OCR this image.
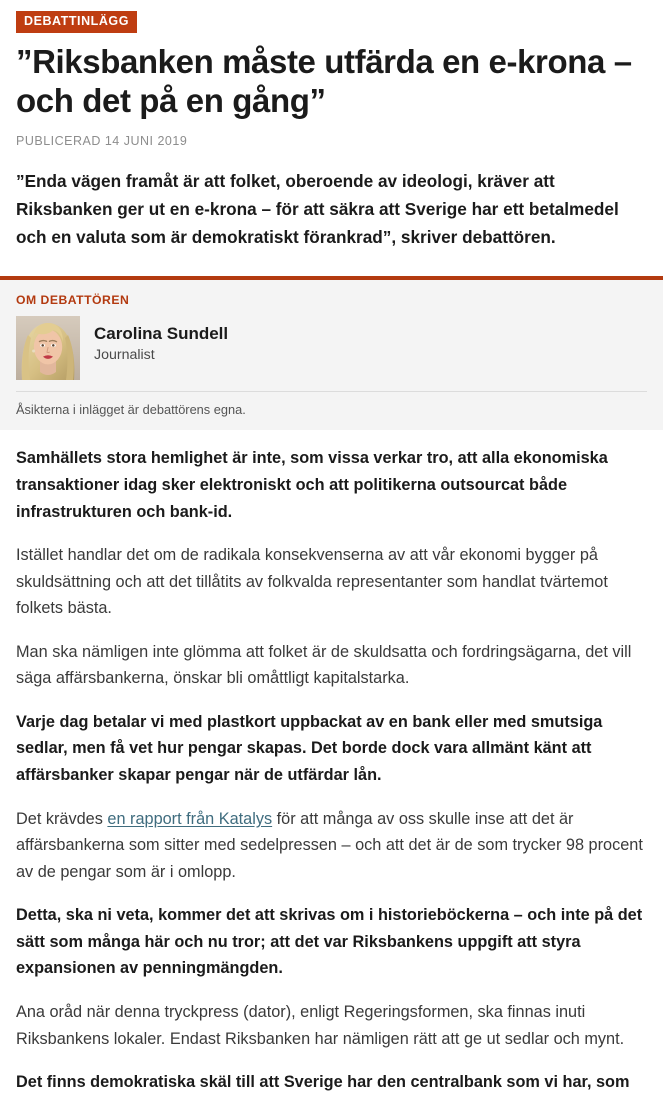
DEBATTINLÄGG
”Riksbanken måste utfärda en e-krona – och det på en gång”
PUBLICERAD 14 JUNI 2019

”Enda vägen framåt är att folket, oberoende av ideologi, kräver att Riksbanken ger ut en e-krona – för att säkra att Sverige har ett betalmedel och en valuta som är demokratiskt förankrad”, skriver debattören.

OM DEBATTÖREN
Carolina Sundell
Journalist
Åsikterna i inlägget är debattörens egna.

Samhällets stora hemlighet är inte, som vissa verkar tro, att alla ekonomiska transaktioner idag sker elektroniskt och att politikerna outsourcat både infrastrukturen och bank-id.

Istället handlar det om de radikala konsekvenserna av att vår ekonomi bygger på skuldsättning och att det tillåtits av folkvalda representanter som handlat tvärtemot folkets bästa.

Man ska nämligen inte glömma att folket är de skuldsatta och fordringsägarna, det vill säga affärsbankerna, önskar bli omåttligt kapitalstarka.

Varje dag betalar vi med plastkort uppbackat av en bank eller med smutsiga sedlar, men få vet hur pengar skapas. Det borde dock vara allmänt känt att affärsbanker skapar pengar när de utfärdar lån.

Det krävdes en rapport från Katalys för att många av oss skulle inse att det är affärsbankerna som sitter med sedelpressen – och att det är de som trycker 98 procent av de pengar som är i omlopp.

Detta, ska ni veta, kommer det att skrivas om i historieböckerna – och inte på det sätt som många här och nu tror; att det var Riksbankens uppgift att styra expansionen av penningmängden.

Ana oråd när denna tryckpress (dator), enligt Regeringsformen, ska finnas inuti Riksbankens lokaler. Endast Riksbanken har nämligen rätt att ge ut sedlar och mynt.

Det finns demokratiska skäl till att Sverige har den centralbank som vi har, som
